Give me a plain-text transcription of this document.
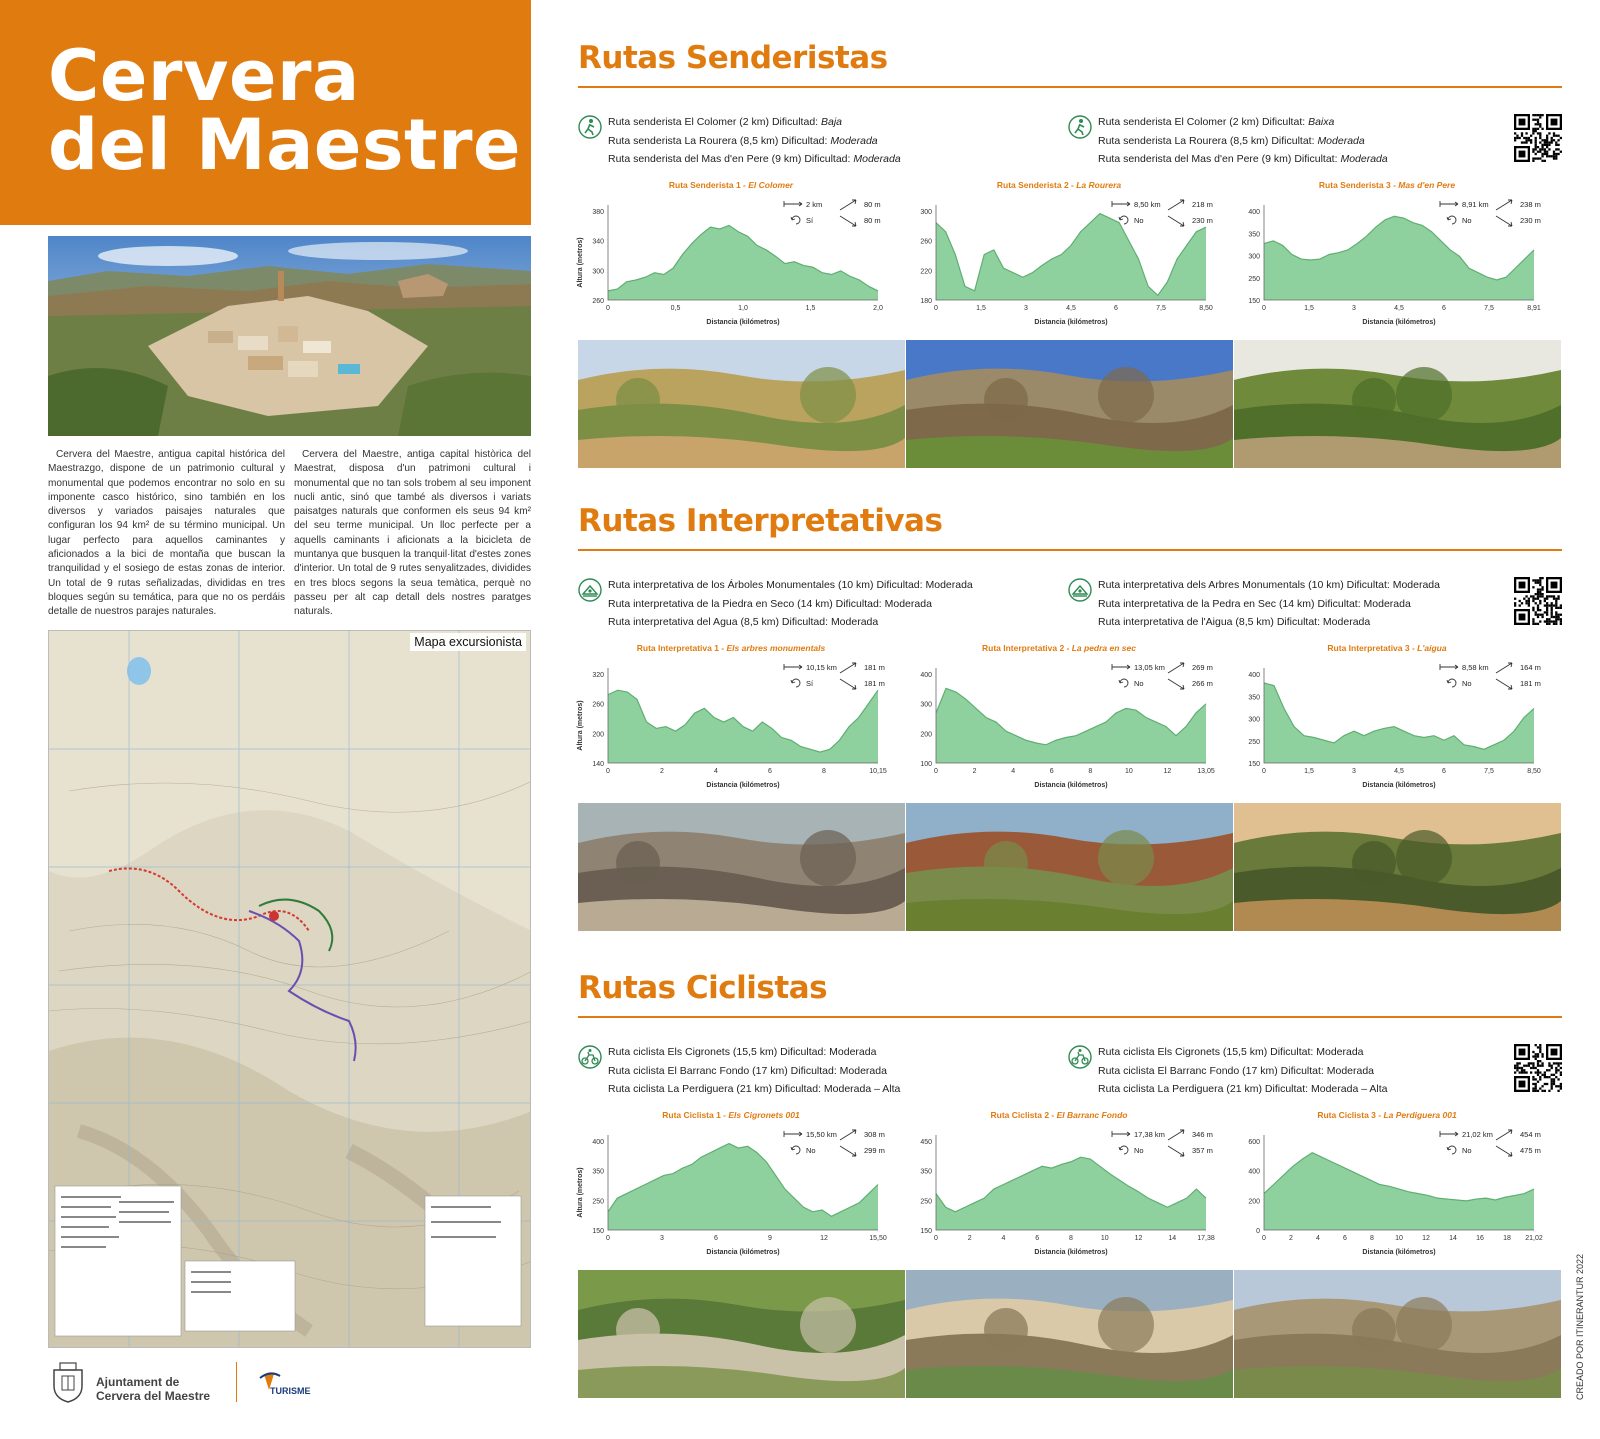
Cervera
del Maestre

Cervera del Maestre, antigua capital histórica del Maestrazgo, dispone de un patrimonio cultural y monumental que podemos encontrar no solo en su imponente casco histórico, sino también en los diversos y variados paisajes naturales que configuran los 94 km² de su término municipal. Un lugar perfecto para aquellos caminantes y aficionados a la bici de montaña que buscan la tranquilidad y el sosiego de estas zonas de interior. Un total de 9 rutas señalizadas, divididas en tres bloques según su temática, para que no os perdáis detalle de nuestros parajes naturales.

Cervera del Maestre, antiga capital històrica del Maestrat, disposa d'un patrimoni cultural i monumental que no tan sols trobem al seu imponent nucli antic, sinó que també als diversos i variats paisatges naturals que conformen els seus 94 km² del seu terme municipal. Un lloc perfecte per a aquells caminants i aficionats a la bicicleta de muntanya que busquen la tranquil·litat d'estes zones d'interior. Un total de 9 rutes senyalitzades, dividides en tres blocs segons la seua temàtica, perquè no passeu per alt cap detall dels nostres paratges naturals.

Mapa excursionista
Ajuntament de
Cervera del Maestre	TURISME
Rutas Senderistas
Ruta senderista El Colomer (2 km) Dificultad: Baja
Ruta senderista La Rourera (8,5 km) Dificultad: Moderada
Ruta senderista del Mas d'en Pere (9 km) Dificultad: Moderada
Ruta senderista El Colomer (2 km) Dificultat: Baixa
Ruta senderista La Rourera (8,5 km) Dificultat: Moderada
Ruta senderista del Mas d'en Pere (9 km) Dificultat: Moderada
Ruta Senderista 1 - El Colomer
380
340
300
260
0	0,5	1,0	1,5	2,0
Distancia (kilómetros)
Altura (metros)
2 km
Sí
80 m
80 m
Ruta Senderista 2 - La Rourera
300
260
220
180
0	1,5	3	4,5	6	7,5	8,50
Distancia (kilómetros)
8,50 km
No
218 m
230 m
Ruta Senderista 3 - Mas d'en Pere
400
350
300
250
150
0	1,5	3	4,5	6	7,5	8,91
Distancia (kilómetros)
8,91 km
No
238 m
230 m
Rutas Interpretativas
Ruta interpretativa de los Árboles Monumentales (10 km) Dificultad: Moderada
Ruta interpretativa de la Piedra en Seco (14 km) Dificultad: Moderada
Ruta interpretativa del Agua (8,5 km) Dificultad: Moderada
Ruta interpretativa dels Arbres Monumentals (10 km) Dificultat: Moderada
Ruta interpretativa de la Pedra en Sec (14 km) Dificultat: Moderada
Ruta interpretativa de l'Aigua (8,5 km) Dificultat: Moderada
Ruta Interpretativa 1 - Els arbres monumentals
320
260
200
140
0	2	4	6	8	10,15
Distancia (kilómetros)
Altura (metros)
10,15 km
Sí
181 m
181 m
Ruta Interpretativa 2 - La pedra en sec
400
300
200
100
0	2	4	6	8	10	12	13,05
Distancia (kilómetros)
13,05 km
No
269 m
266 m
Ruta Interpretativa 3 - L'aigua
400
350
300
250
150
0	1,5	3	4,5	6	7,5	8,50
Distancia (kilómetros)
8,58 km
No
164 m
181 m
Rutas Ciclistas
Ruta ciclista Els Cigronets (15,5 km) Dificultad: Moderada
Ruta ciclista El Barranc Fondo (17 km) Dificultad: Moderada
Ruta ciclista La Perdiguera (21 km) Dificultad: Moderada – Alta
Ruta ciclista Els Cigronets (15,5 km) Dificultat: Moderada
Ruta ciclista El Barranc Fondo (17 km) Dificultat: Moderada
Ruta ciclista La Perdiguera (21 km) Dificultat: Moderada – Alta
Ruta Ciclista 1 - Els Cigronets 001
400
350
250
150
0	3	6	9	12	15,50
Distancia (kilómetros)
Altura (metros)
15,50 km
No
308 m
299 m
Ruta Ciclista 2 - El Barranc Fondo
450
350
250
150
0	2	4	6	8	10	12	14	17,38
Distancia (kilómetros)
17,38 km
No
346 m
357 m
Ruta Ciclista 3 - La Perdiguera 001
600
400
200
0
0	2	4	6	8	10	12	14	16	18 21,02
Distancia (kilómetros)
21,02 km
No
454 m
475 m
CREADO POR ITINERANTUR 2022
